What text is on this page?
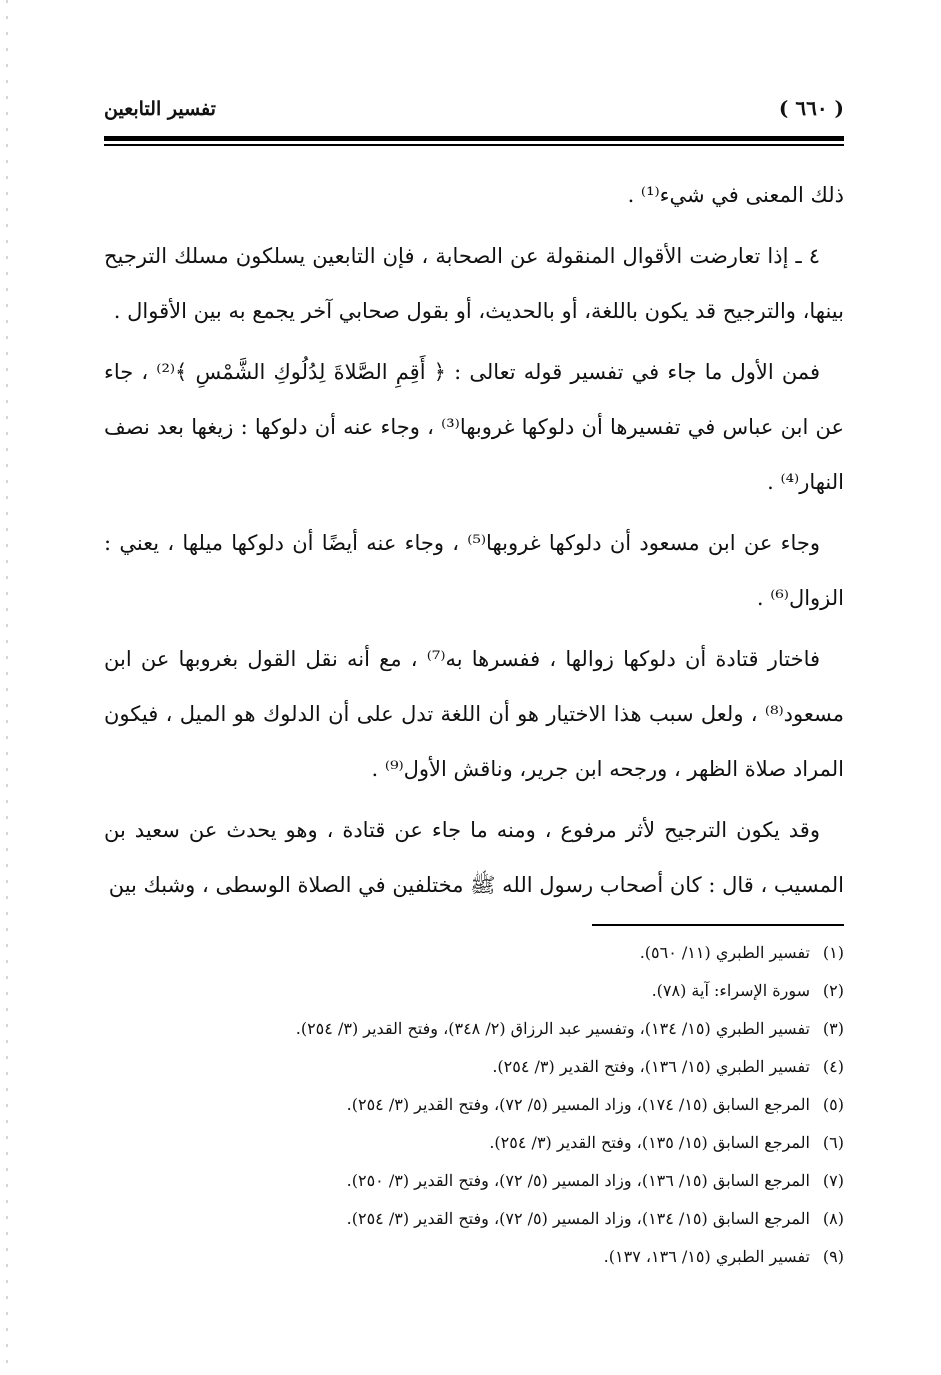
تفسير التابعين	( ٦٦٠ )

ذلك المعنى في شيء⁽¹⁾ .

٤ ـ إذا تعارضت الأقوال المنقولة عن الصحابة ، فإن التابعين يسلكون مسلك الترجيح بينها، والترجيح قد يكون باللغة، أو بالحديث، أو بقول صحابي آخر يجمع به بين الأقوال .

فمن الأول ما جاء في تفسير قوله تعالى : ﴿ أَقِمِ الصَّلاةَ لِدُلُوكِ الشَّمْسِ ﴾⁽²⁾ ، جاء عن ابن عباس في تفسيرها أن دلوكها غروبها⁽³⁾ ، وجاء عنه أن دلوكها : زيغها بعد نصف النهار⁽⁴⁾ .

وجاء عن ابن مسعود أن دلوكها غروبها⁽⁵⁾ ، وجاء عنه أيضًا أن دلوكها ميلها ، يعني : الزوال⁽⁶⁾ .

فاختار قتادة أن دلوكها زوالها ، ففسرها به⁽⁷⁾ ، مع أنه نقل القول بغروبها عن ابن مسعود⁽⁸⁾ ، ولعل سبب هذا الاختيار هو أن اللغة تدل على أن الدلوك هو الميل ، فيكون المراد صلاة الظهر ، ورجحه ابن جرير، وناقش الأول⁽⁹⁾ .

وقد يكون الترجيح لأثر مرفوع ، ومنه ما جاء عن قتادة ، وهو يحدث عن سعيد بن المسيب ، قال : كان أصحاب رسول الله ﷺ مختلفين في الصلاة الوسطى ، وشبك بين

(١)تفسير الطبري (١١/ ٥٦٠).
(٢)سورة الإسراء: آية (٧٨).
(٣)تفسير الطبري (١٥/ ١٣٤)، وتفسير عبد الرزاق (٢/ ٣٤٨)، وفتح القدير (٣/ ٢٥٤).
(٤)تفسير الطبري (١٥/ ١٣٦)، وفتح القدير (٣/ ٢٥٤).
(٥)المرجع السابق (١٥/ ١٧٤)، وزاد المسير (٥/ ٧٢)، وفتح القدير (٣/ ٢٥٤).
(٦)المرجع السابق (١٥/ ١٣٥)، وفتح القدير (٣/ ٢٥٤).
(٧)المرجع السابق (١٥/ ١٣٦)، وزاد المسير (٥/ ٧٢)، وفتح القدير (٣/ ٢٥٠).
(٨)المرجع السابق (١٥/ ١٣٤)، وزاد المسير (٥/ ٧٢)، وفتح القدير (٣/ ٢٥٤).
(٩)تفسير الطبري (١٥/ ١٣٦، ١٣٧).
